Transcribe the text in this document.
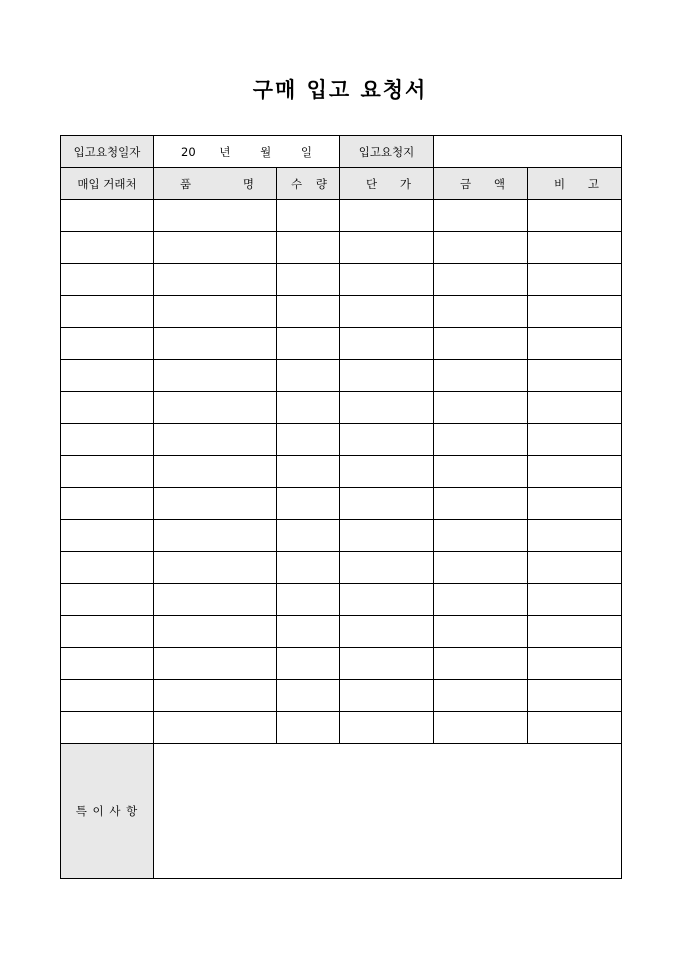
구매 입고 요청서
입고요청일자	20 년 월 일		입고요청지		
매입 거래처	품 명	수 량	단 가	금 액	비 고

특 이 사 항					
